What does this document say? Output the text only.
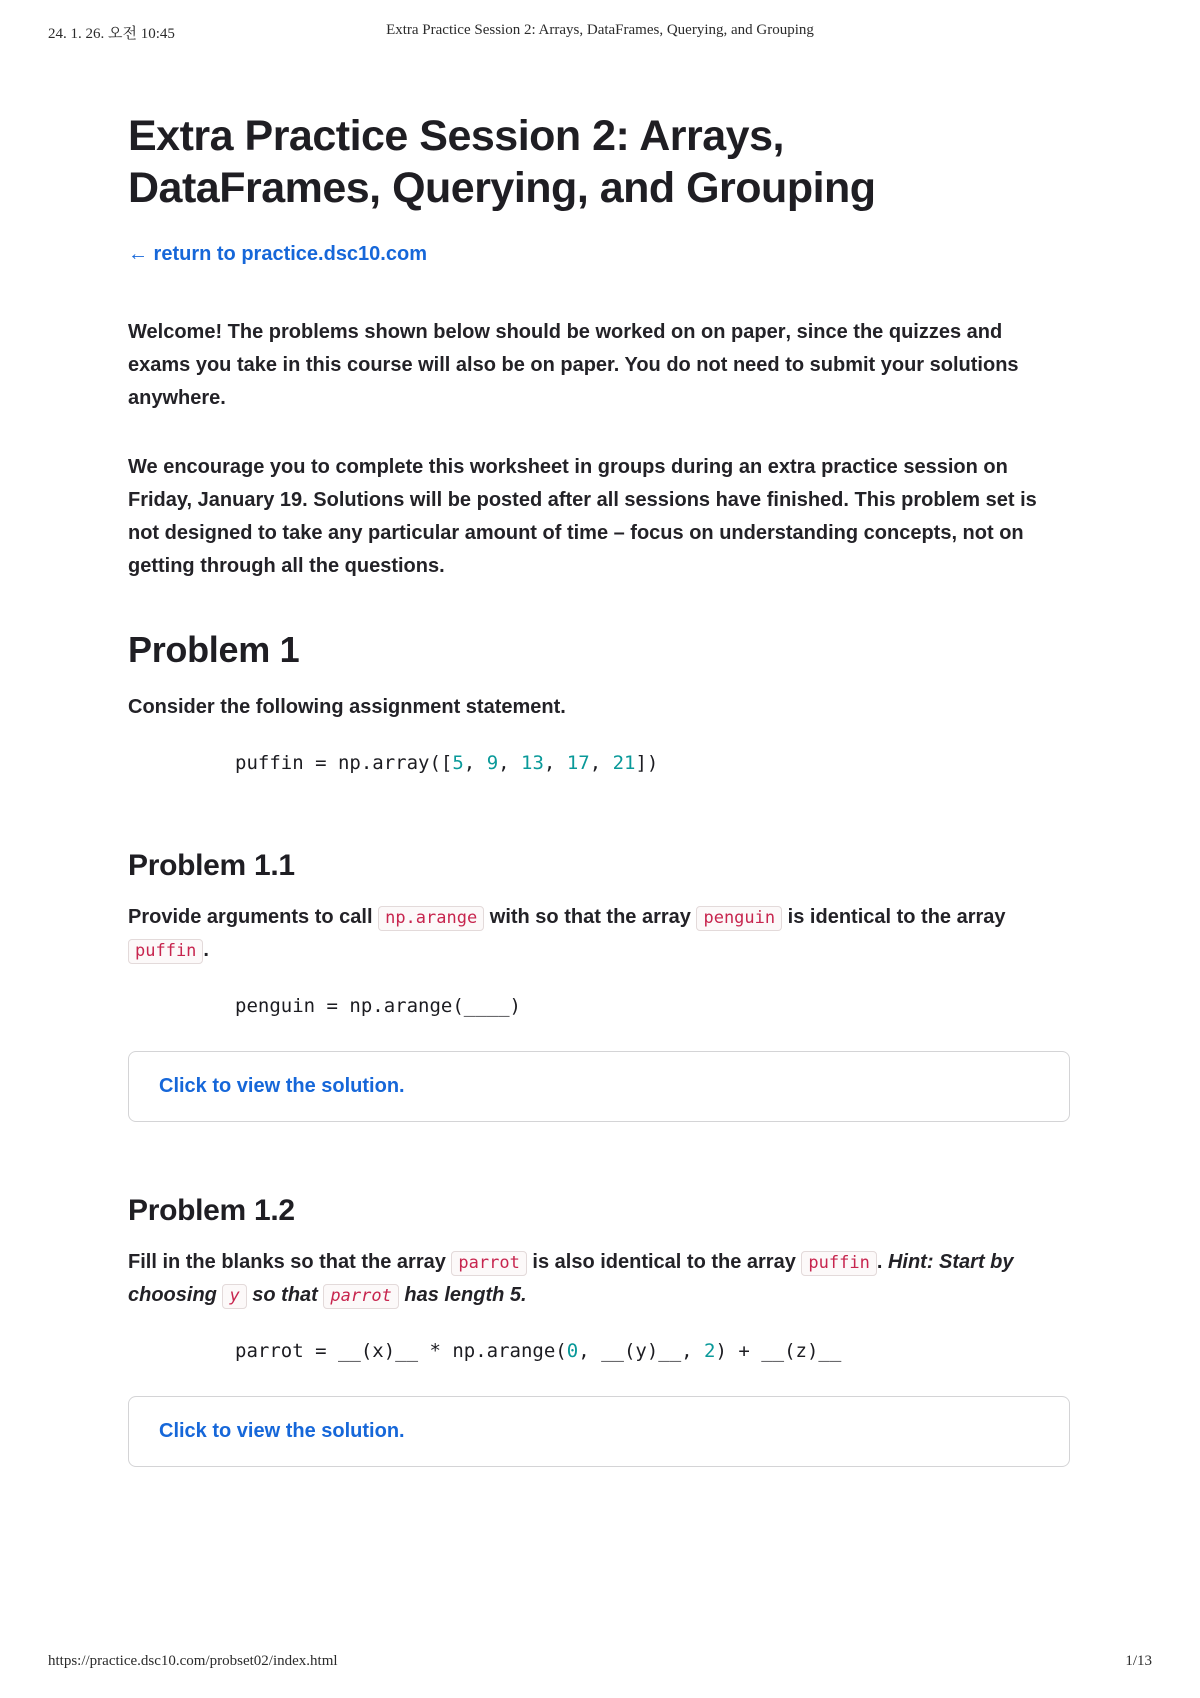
24. 1. 26. 오전 10:45	Extra Practice Session 2: Arrays, DataFrames, Querying, and Grouping
Extra Practice Session 2: Arrays, DataFrames, Querying, and Grouping
← return to practice.dsc10.com

Welcome! The problems shown below should be worked on on paper, since the quizzes and exams you take in this course will also be on paper. You do not need to submit your solutions anywhere.

We encourage you to complete this worksheet in groups during an extra practice session on Friday, January 19. Solutions will be posted after all sessions have finished. This problem set is not designed to take any particular amount of time – focus on understanding concepts, not on getting through all the questions.

Problem 1

Consider the following assignment statement.

puffin = np.array([5, 9, 13, 17, 21])
Problem 1.1

Provide arguments to call np.arange with so that the array penguin is identical to the array puffin .

penguin = np.arange(____)
Click to view the solution.
Problem 1.2

Fill in the blanks so that the array parrot is also identical to the array puffin . Hint: Start by choosing y so that parrot has length 5.

parrot = __(x)__ * np.arange(0, __(y)__, 2) + __(z)__
Click to view the solution.
https://practice.dsc10.com/probset02/index.html	1/13
